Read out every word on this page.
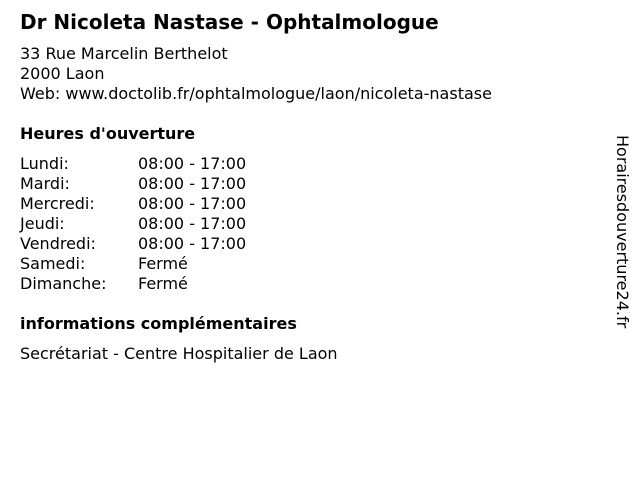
Dr Nicoleta Nastase - Ophtalmologue
33 Rue Marcelin Berthelot
2000 Laon
Web: www.doctolib.fr/ophtalmologue/laon/nicoleta-nastase
Heures d'ouverture
Lundi:	08:00 - 17:00
Mardi:	08:00 - 17:00
Mercredi:	08:00 - 17:00
Jeudi:	08:00 - 17:00
Vendredi:	08:00 - 17:00
Samedi:	Fermé
Dimanche: Fermé
informations complémentaires
Secrétariat - Centre Hospitalier de Laon
Horairesdouverture24.fr
